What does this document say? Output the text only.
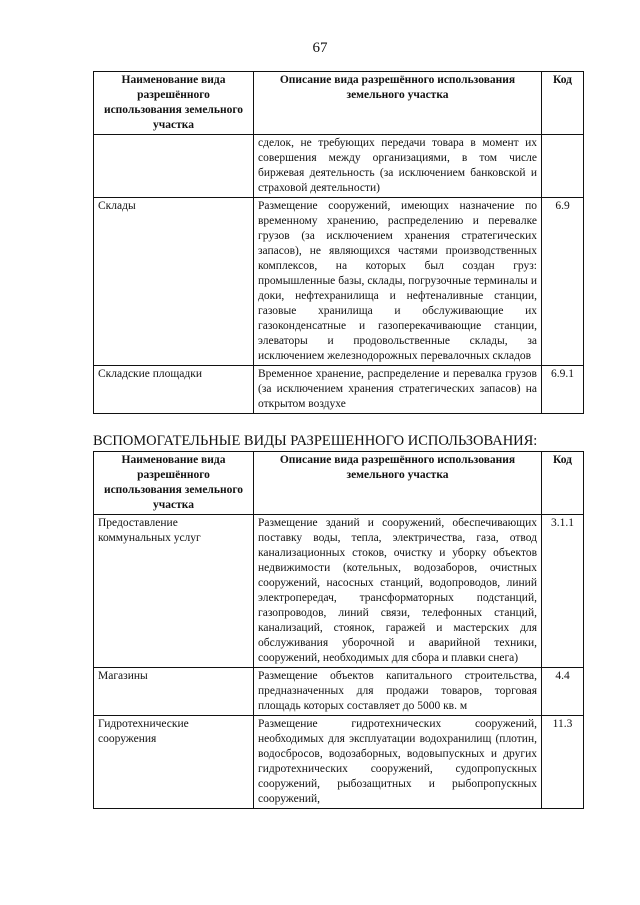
67
Наименование вида разрешённого использования земельного участка	Описание вида разрешённого использования земельного участка	Код
	сделок, не требующих передачи товара в момент их совершения между организациями, в том числе биржевая деятельность (за исключением банковской и страховой деятельности)	
Склады	Размещение сооружений, имеющих назначение по временному хранению, распределению и перевалке грузов (за исключением хранения стратегических запасов), не являющихся частями производственных комплексов, на которых был создан груз: промышленные базы, склады, погрузочные терминалы и доки, нефтехранилища и нефтеналивные станции, газовые хранилища и обслуживающие их газоконденсатные и газоперекачивающие станции, элеваторы и продовольственные склады, за исключением железнодорожных перевалочных складов	6.9
Складские площадки	Временное хранение, распределение и перевалка грузов (за исключением хранения стратегических запасов) на открытом воздухе	6.9.1
ВСПОМОГАТЕЛЬНЫЕ ВИДЫ РАЗРЕШЕННОГО ИСПОЛЬЗОВАНИЯ:
Наименование вида разрешённого использования земельного участка	Описание вида разрешённого использования земельного участка	Код
Предоставление коммунальных услуг	Размещение зданий и сооружений, обеспечивающих поставку воды, тепла, электричества, газа, отвод канализационных стоков, очистку и уборку объектов недвижимости (котельных, водозаборов, очистных сооружений, насосных станций, водопроводов, линий электропередач, трансформаторных подстанций, газопроводов, линий связи, телефонных станций, канализаций, стоянок, гаражей и мастерских для обслуживания уборочной и аварийной техники, сооружений, необходимых для сбора и плавки снега)	3.1.1
Магазины	Размещение объектов капитального строительства, предназначенных для продажи товаров, торговая площадь которых составляет до 5000 кв. м	4.4
Гидротехнические сооружения	Размещение гидротехнических сооружений, необходимых для эксплуатации водохранилищ (плотин, водосбросов, водозаборных, водовыпускных и других гидротехнических сооружений, судопропускных сооружений, рыбозащитных и рыбопропускных сооружений,	11.3
